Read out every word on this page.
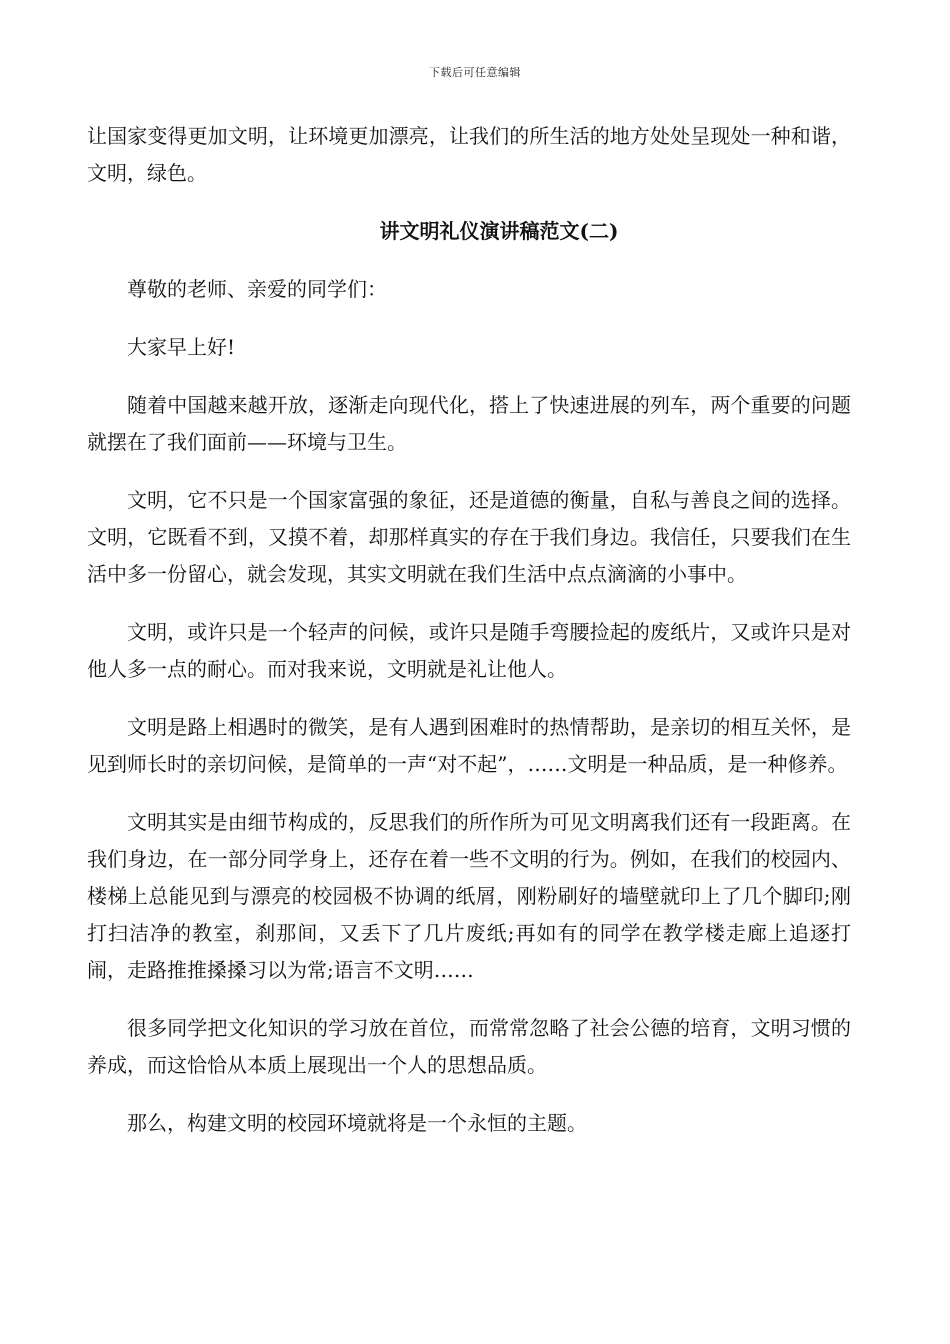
下载后可任意编辑

让国家变得更加文明，让环境更加漂亮，让我们的所生活的地方处处呈现处一种和谐，文明，绿色。

讲文明礼仪演讲稿范文(二)

尊敬的老师、亲爱的同学们：

大家早上好!

随着中国越来越开放，逐渐走向现代化，搭上了快速进展的列车，两个重要的问题就摆在了我们面前——环境与卫生。

文明，它不只是一个国家富强的象征，还是道德的衡量，自私与善良之间的选择。文明，它既看不到，又摸不着，却那样真实的存在于我们身边。我信任，只要我们在生活中多一份留心，就会发现，其实文明就在我们生活中点点滴滴的小事中。

文明，或许只是一个轻声的问候，或许只是随手弯腰捡起的废纸片，又或许只是对他人多一点的耐心。而对我来说，文明就是礼让他人。

文明是路上相遇时的微笑，是有人遇到困难时的热情帮助，是亲切的相互关怀，是见到师长时的亲切问候，是简单的一声“对不起”，……文明是一种品质，是一种修养。

文明其实是由细节构成的，反思我们的所作所为可见文明离我们还有一段距离。在我们身边，在一部分同学身上，还存在着一些不文明的行为。例如，在我们的校园内、楼梯上总能见到与漂亮的校园极不协调的纸屑，刚粉刷好的墙壁就印上了几个脚印;刚打扫洁净的教室，刹那间，又丢下了几片废纸;再如有的同学在教学楼走廊上追逐打闹，走路推推搡搡习以为常;语言不文明……

很多同学把文化知识的学习放在首位，而常常忽略了社会公德的培育，文明习惯的养成，而这恰恰从本质上展现出一个人的思想品质。

那么，构建文明的校园环境就将是一个永恒的主题。
